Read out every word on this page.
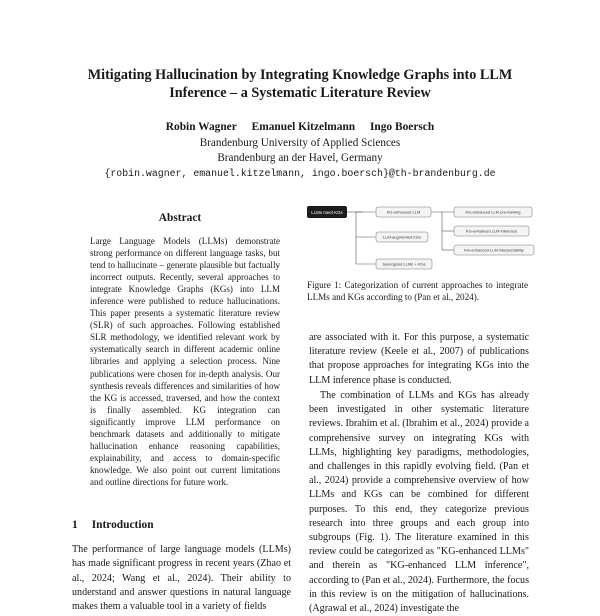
Mitigating Hallucination by Integrating Knowledge Graphs into LLM
Inference – a Systematic Literature Review
Robin Wagner Emanuel Kitzelmann Ingo Boersch
Brandenburg University of Applied Sciences
Brandenburg an der Havel, Germany
{robin.wagner, emanuel.kitzelmann, ingo.boersch}@th-brandenburg.de
Abstract
Large Language Models (LLMs) demonstrate strong performance on different language tasks, but tend to hallucinate – generate plausible but factually incorrect outputs. Recently, several approaches to integrate Knowledge Graphs (KGs) into LLM inference were published to reduce hallucinations. This paper presents a systematic literature review (SLR) of such approaches. Following established SLR methodology, we identified relevant work by systematically search in different academic online libraries and applying a selection process. Nine publications were chosen for in-depth analysis. Our synthesis reveals differences and similarities of how the KG is accessed, traversed, and how the context is finally assembled. KG integration can significantly improve LLM performance on benchmark datasets and additionally to mitigate hallucination enhance reasoning capabilities, explainability, and access to domain-specific knowledge. We also point out current limitations and outline directions for future work.
1 Introduction
The performance of large language models (LLMs) has made significant progress in recent years (Zhao et al., 2024; Wang et al., 2024). Their ability to understand and answer questions in natural language makes them a valuable tool in a variety of fields
LLMs meet KGs	KG-enhanced LLM
LLM-augmented KGs
Synergized LLMs + KGs
KG-enhanced LLM pre-training
KG-enhanced LLM inference
KG-enhanced LLM interpretability
Figure 1: Categorization of current approaches to integrate LLMs and KGs according to (Pan et al., 2024).

are associated with it. For this purpose, a systematic literature review (Keele et al., 2007) of publications that propose approaches for integrating KGs into the LLM inference phase is conducted.

The combination of LLMs and KGs has already been investigated in other systematic literature reviews. Ibrahim et al. (Ibrahim et al., 2024) provide a comprehensive survey on integrating KGs with LLMs, highlighting key paradigms, methodologies, and challenges in this rapidly evolving field. (Pan et al., 2024) provide a comprehensive overview of how LLMs and KGs can be combined for different purposes. To this end, they categorize previous research into three groups and each group into subgroups (Fig. 1). The literature examined in this review could be categorized as "KG-enhanced LLMs" and therein as "KG-enhanced LLM inference", according to (Pan et al., 2024). Furthermore, the focus in this review is on the mitigation of hallucinations. (Agrawal et al., 2024) investigate the
